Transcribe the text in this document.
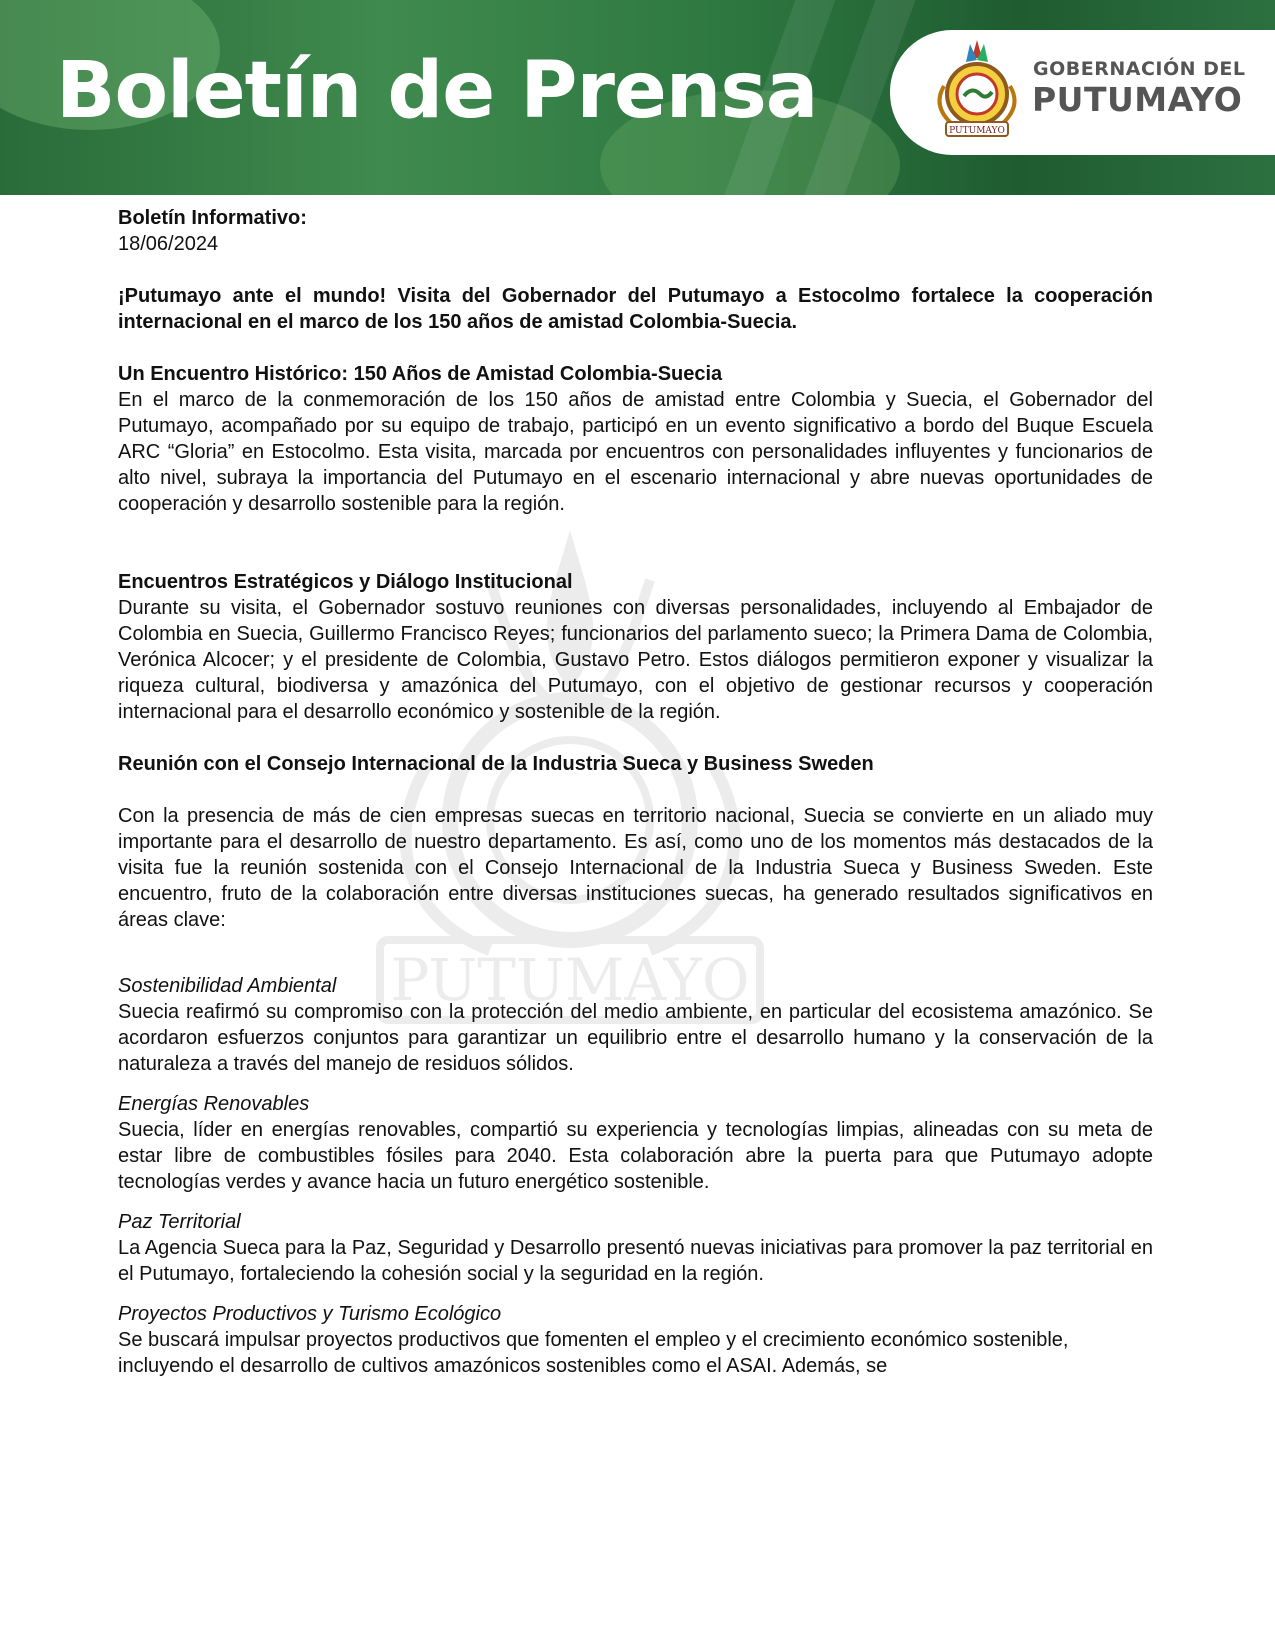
Boletín de Prensa	PUTUMAYO
GOBERNACIÓN DEL
PUTUMAYO
PUTUMAYO

Boletín Informativo:

18/06/2024

¡Putumayo ante el mundo! Visita del Gobernador del Putumayo a Estocolmo fortalece la cooperación internacional en el marco de los 150 años de amistad Colombia-Suecia.

Un Encuentro Histórico: 150 Años de Amistad Colombia-Suecia

En el marco de la conmemoración de los 150 años de amistad entre Colombia y Suecia, el Gobernador del Putumayo, acompañado por su equipo de trabajo, participó en un evento significativo a bordo del Buque Escuela ARC “Gloria” en Estocolmo. Esta visita, marcada por encuentros con personalidades influyentes y funcionarios de alto nivel, subraya la importancia del Putumayo en el escenario internacional y abre nuevas oportunidades de cooperación y desarrollo sostenible para la región.

Encuentros Estratégicos y Diálogo Institucional

Durante su visita, el Gobernador sostuvo reuniones con diversas personalidades, incluyendo al Embajador de Colombia en Suecia, Guillermo Francisco Reyes; funcionarios del parlamento sueco; la Primera Dama de Colombia, Verónica Alcocer; y el presidente de Colombia, Gustavo Petro. Estos diálogos permitieron exponer y visualizar la riqueza cultural, biodiversa y amazónica del Putumayo, con el objetivo de gestionar recursos y cooperación internacional para el desarrollo económico y sostenible de la región.

Reunión con el Consejo Internacional de la Industria Sueca y Business Sweden

Con la presencia de más de cien empresas suecas en territorio nacional, Suecia se convierte en un aliado muy importante para el desarrollo de nuestro departamento. Es así, como uno de los momentos más destacados de la visita fue la reunión sostenida con el Consejo Internacional de la Industria Sueca y Business Sweden. Este encuentro, fruto de la colaboración entre diversas instituciones suecas, ha generado resultados significativos en áreas clave:

Sostenibilidad Ambiental

Suecia reafirmó su compromiso con la protección del medio ambiente, en particular del ecosistema amazónico. Se acordaron esfuerzos conjuntos para garantizar un equilibrio entre el desarrollo humano y la conservación de la naturaleza a través del manejo de residuos sólidos.

Energías Renovables

Suecia, líder en energías renovables, compartió su experiencia y tecnologías limpias, alineadas con su meta de estar libre de combustibles fósiles para 2040. Esta colaboración abre la puerta para que Putumayo adopte tecnologías verdes y avance hacia un futuro energético sostenible.

Paz Territorial

La Agencia Sueca para la Paz, Seguridad y Desarrollo presentó nuevas iniciativas para promover la paz territorial en el Putumayo, fortaleciendo la cohesión social y la seguridad en la región.

Proyectos Productivos y Turismo Ecológico

Se buscará impulsar proyectos productivos que fomenten el empleo y el crecimiento económico sostenible, incluyendo el desarrollo de cultivos amazónicos sostenibles como el ASAI. Además, se
